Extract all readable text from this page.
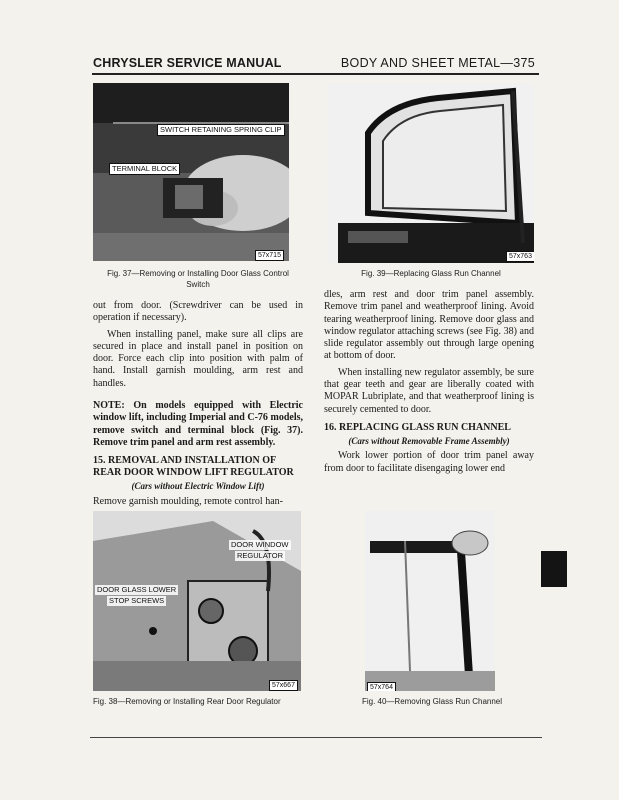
CHRYSLER SERVICE MANUAL	BODY AND SHEET METAL—375
SWITCH RETAINING SPRING CLIP
TERMINAL BLOCK
57x715
Fig. 37—Removing or Installing Door Glass Control Switch
57x763
Fig. 39—Replacing Glass Run Channel

out from door. (Screwdriver can be used in operation if necessary).

When installing panel, make sure all clips are secured in place and install panel in position on door. Force each clip into position with palm of hand. Install garnish moulding, arm rest and handles.

NOTE: On models equipped with Electric window lift, including Imperial and C-76 models, remove switch and terminal block (Fig. 37). Remove trim panel and arm rest assembly.

15. REMOVAL AND INSTALLATION OF REAR DOOR WINDOW LIFT REGULATOR
(Cars without Electric Window Lift)

Remove garnish moulding, remote control han-

dles, arm rest and door trim panel assembly. Remove trim panel and weatherproof lining. Avoid tearing weatherproof lining. Remove door glass and window regulator attaching screws (see Fig. 38) and slide regulator assembly out through large opening at bottom of door.

When installing new regulator assembly, be sure that gear teeth and gear are liberally coated with MOPAR Lubriplate, and that weatherproof lining is securely cemented to door.

16. REPLACING GLASS RUN CHANNEL
(Cars without Removable Frame Assembly)

Work lower portion of door trim panel away from door to facilitate disengaging lower end

DOOR WINDOW
REGULATOR
DOOR GLASS LOWER
STOP SCREWS
57x667
Fig. 38—Removing or Installing Rear Door Regulator
57x764
Fig. 40—Removing Glass Run Channel
